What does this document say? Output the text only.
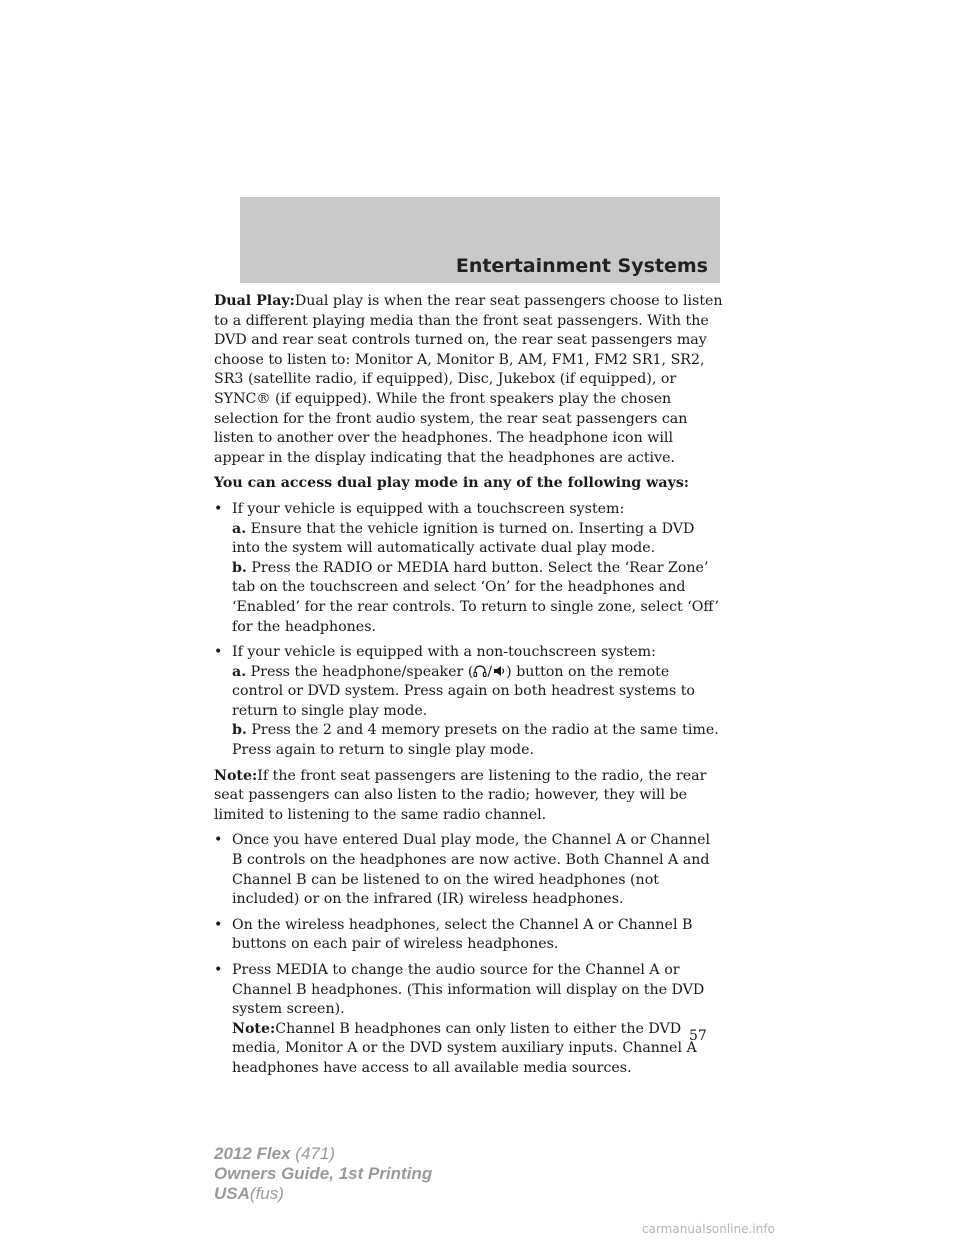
Entertainment Systems

Dual Play:Dual play is when the rear seat passengers choose to listen to a different playing media than the front seat passengers. With the DVD and rear seat controls turned on, the rear seat passengers may choose to listen to: Monitor A, Monitor B, AM, FM1, FM2 SR1, SR2, SR3 (satellite radio, if equipped), Disc, Jukebox (if equipped), or SYNC® (if equipped). While the front speakers play the chosen selection for the front audio system, the rear seat passengers can listen to another over the headphones. The headphone icon will appear in the display indicating that the headphones are active.

You can access dual play mode in any of the following ways:

• If your vehicle is equipped with a touchscreen system:
a. Ensure that the vehicle ignition is turned on. Inserting a DVD into the system will automatically activate dual play mode.
b. Press the RADIO or MEDIA hard button. Select the ‘Rear Zone’ tab on the touchscreen and select ‘On’ for the headphones and ‘Enabled’ for the rear controls. To return to single zone, select ‘Off’ for the headphones.
• If your vehicle is equipped with a non-touchscreen system:
a. Press the headphone/speaker ( / ) button on the remote control or DVD system. Press again on both headrest systems to return to single play mode.
b. Press the 2 and 4 memory presets on the radio at the same time. Press again to return to single play mode.

Note:If the front seat passengers are listening to the radio, the rear seat passengers can also listen to the radio; however, they will be limited to listening to the same radio channel.

• Once you have entered Dual play mode, the Channel A or Channel B controls on the headphones are now active. Both Channel A and Channel B can be listened to on the wired headphones (not included) or on the infrared (IR) wireless headphones.
• On the wireless headphones, select the Channel A or Channel B buttons on each pair of wireless headphones.
• Press MEDIA to change the audio source for the Channel A or Channel B headphones. (This information will display on the DVD system screen).
Note:Channel B headphones can only listen to either the DVD media, Monitor A or the DVD system auxiliary inputs. Channel A headphones have access to all available media sources.
57
2012 Flex (471)
Owners Guide, 1st Printing
USA(fus)
carmanualsonline.info
